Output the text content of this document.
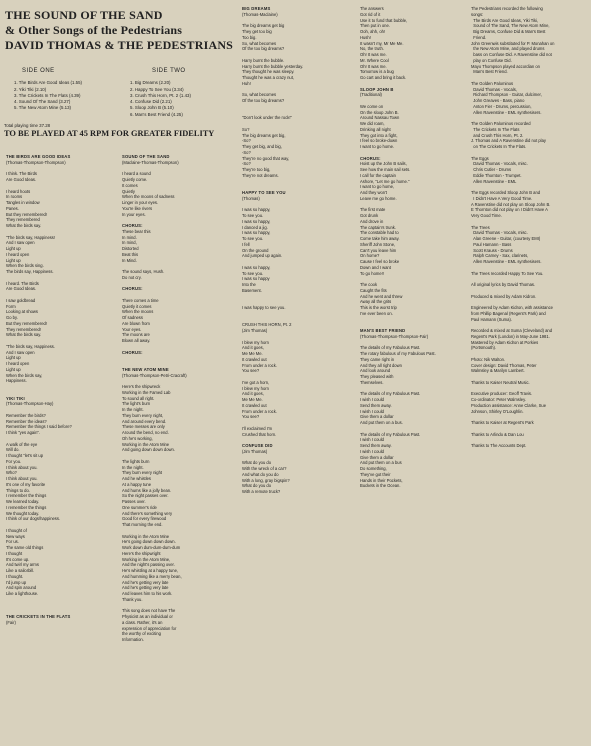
THE SOUND OF THE SAND
& Other Songs of the Pedestrians
DAVID THOMAS & THE PEDESTRIANS
SIDE ONE
1. The Birds Are Good Ideas (1.55)
2. Yiki Tiki (2.10)
3. The Crickets In The Flats (4.39)
4. Sound Of The Sand (3.27)
5. The New Atom Mine (5.13)
SIDE TWO
1. Big Dreams (2.20)
2. Happy To See You (3.34)
3. Crush This Horn, Pt. 2 (1.43)
4. Confuse Did (2.21)
5. Sloop John B (5.10)
6. Man's Best Friend (4.25)
Total playing time 37.28
TO BE PLAYED AT 45 RPM FOR GREATER FIDELITY
THE BIRDS ARE GOOD IDEAS
(Thomas-Thompson-Thompson)

I think. The Birds
Are Good Ideas.

I heard hoots
In rooms
Tangles in window
Panes.
But they remembered!
They remembered
What the birds say.

"The birds say, Happiness!
And I saw open
Light up
I heard open
Light up
When the birds sing.
The birds say, Happiness.

I heard. The Birds
Are Good Ideas.

I saw goldbread
Form
Looking at shows
Go by.
But they remembered!
They remembered!
What the birds say.

"The birds say, Happiness.
And I saw open
Light up
I heard open
Light up
When the birds say,
Happiness.

YIKI TIKI
(Thomas-Thompson-Hay)

Remember the birds?
Remember the ideas?
Remember the things I said before?
I think "yes again".

A walk of the eye
Will do.
I thought "let's sit up
For you.
I think about you.
Who?
I think about you.
It's one of my favorite
Things to do.
I remember the things
We learned today.
I remember the things
We thought today.
I think of our dogs/happiness.

I thought of
New ways
For us.
The same old things
I thought
It's come up.
And twirl my arms
Like a sailorbill.
I thought.
I'd jump up
And spin around
Like a lighthouse.

THE CRICKETS IN THE FLATS
(Fair)
SOUND OF THE SAND
(Maclaine-Thomas-Thompson)

I heard a sound
Quietly come.
It comes
Quietly
When the moons of sadness
Linger in your eyes.
You're like rivers
In your eyes.

CHORUS:
These bear this
In mind.
In mind,
Distorted
Beat this
In Mind.

The sound says, Hush.
Do not cry.

CHORUS:

There comes a time
Quietly it comes
When the moons
Of sadness
Are blown from
Your eyes.
The moons are
Blown all away.

CHORUS:

THE NEW ATOM MINE
(Thomas-Thompson-Petri-Cracraft)

Here's the shipwreck
Working in the Famed Lab
To sound all right.
The light's burn
In the night.
They burn every night,
And around every bend.
These messes are only
Around the bend, no end.
Oh he's working,
Working in the Atom Mine
And going down down down.

The lights burn
In the night.
They burn every night
And he whistles
At a happy tune
And hums like a jolly bean.
So the night passes over.
Passes over.
One summer's ride
And there's something very
Good for every firewood
That morning the end.

Working in the Atom Mine
He's going down down down.
Work down dum-dum-dum-dum
Here's the shipwright
Working in the Atom Mine,
And the night's passing over.
He's whistling at a happy tune,
And humming like a merry bean,
And he's getting very late
And he's getting very late
And leaves him to his work.
Thank you.

This song does not have The
Physicist as an individual or
a class. Rather, it's an
expression of appreciation for
the worthy of exciting
Information.
BIG DREAMS
(Thomas-Maclaine)

The big dreams get big
They get too big
Too big.
So, what becomes
Of the too big dreams?

Harry burnt the bubble.
Harry burnt the bubble yesterday.
They thought he was sleepy.
Thought he was a crazy nut,
Huh!

So, what becomes
Of the too big dreams?

"Don't look under the rock!"

So?
The big dreams get big,
-So?
They get big, and big,
-So?
They're no good that way,
-So?
They're too big,
They're not dreams.

HAPPY TO SEE YOU
(Thomas)

I was so happy,
To see you.
I was so happy,
I danced a jig.
I was so happy,
To see you.
I fell
On the ground
And jumped up again.

I was so happy,
To see you.
I was so happy
Into the
Basement.

I was happy to see you.

CRUSH THIS HORN, Pt. 2
(Jim Thomas)

I blew my horn
And it goes,
Me Me Me.
It crawled out
From under a rock.
You see?

I've got a horn,
I blew my horn
And it goes,
Me Me Me.
It crawled out
From under a rock.
You see?

I'll exclaimed I'm
Crushed that horn.

CONFUSE DID
(Jim Thomas)

What do you do
With the wreck of a car?
And what do you do
With a long, gray bigspin?
What do you do
With a remote truck?
The answers
Got rid of it
Use it to fund that bubble,
Then put in one.
Ooh, ahh, oh!
Hush!
It wasn't my, Mr Me Me.
No, the truth.
Oh! It was me.
Mr. Where Cool
Oh! It was me.
Tomorrow is a bug
Go cart and bring it back.

SLOOP JOHN B
(Traditional)

We come on
On the sloop John B.
Around Nassau Town
We did roam,
Drinking all night
They got into a fight,
I feel so broke-down
I want to go home.

CHORUS:
Hoist up the John B sails,
See how the main sail sets.
I call for the captain
Ashore, "Let me go home."
I want to go home,
And they won't
Leave me go home.

The first mate
Got drunk
And drove in
The captain's trunk.
The constable had to
Come take him away.
Sheriff John Stone,
Can't you leave him
On home?
Cause I feel so broke
Down and I want
To go home!!

The cook
Caught the fits
And he went and threw
Away all the grits
This is the worst trip
I've ever been on.

MAN'S BEST FRIEND
(Thomas-Thompson-Thompson-Fair)

The details of my Fabulous Past.
The rotary fabulous of my Fabulous Past.
They came right in
And they all right down
And look around
They pleased with
Themselves.

The details of my Fabulous Past.
I wish I could
Send them away.
I wish I could
Give them a dollar
And put them on a bus.

The details of my Fabulous Past.
I wish I could
Send them away.
I wish I could
Give them a dollar
And put them on a bus
Do something,
They've got their
Hands in their Pockets,
Buckets in the Ocean.
The Pedestrians recorded the following
songs:
The Birds Are Good Ideas, Yiki Tiki,
Sound of The Sand, The New Atom Mine,
Big Dreams, Confuse Did & Man's Best
Friend.
John Greenwis substituted for P. Monahan on
the New Atom Mine, and played drums
bass on Confuse Did. A Ravenstine did not
play on Confuse Did.
Mayo Thompson played accordian on
Man's Best Friend.

The Golden Palominos
David Thomas - Vocals,
Richard Thompson - Guitar, dulcimer,
John Greaves - Bass, piano
Anton Fier - Drums, percussion,
Allen Ravenstine - EML synthesisers.

The Golden Palominos recorded
The Crickets In The Flats
and Crush This Horn, Pt. 2.
J. Thomas and A Ravenstine did not play
on The Crickets In The Flats.

The Eggs
David Thomas - Vocals, misc.
Chris Cutler - Drums
Eddie Thornton - Trumpet.
Allen Ravenstine - EML

The Eggs recorded Sloop John B and
I Didn't Have A Very Good Time.
A Ravenstine did not play on Sloop John B.
E Thornton did not play on I Didn't Have A
Very Good Time.

The Trees
David Thomas - Vocals, misc.
Alan Greene - Guitar, (courtesy EMI)
Paul Hamann - Bass
Scott Krauss - Drums
Ralph Carney - Sax, clarinets,
Allen Ravenstine - EML synthesisers.

The Trees recorded Happy To See You.

All original lyrics by David Thomas.

Produced & mixed by Adam Kidron.

Engineered by Adam Kidron, with assistance
from Phillip Bagenal (Regent's Park) and
Paul Hamann (Suma).

Recorded & mixed at Suma (Cleveland) and
Regent's Park (London) in May-June 1981.
Mastered by Adam Kidron at Porkies
(Portsmouth).

Photo: Nik Walton.
Cover design: David Thomas, Peter
Walmsley & Marilyn Lambert.

Thanks to Kaiser Neutral Music.

Executive producer: Geoff Travis.
Co-ordinator: Peter Walmsley.
Production assistance: Anne Clarke, Sue
Johnson, Shirley O'Loughlin.

Thanks to Kaiser at Regent's Park

Thanks to Arlindo & Dan Lou

Thanks to The Accounts Dept.
